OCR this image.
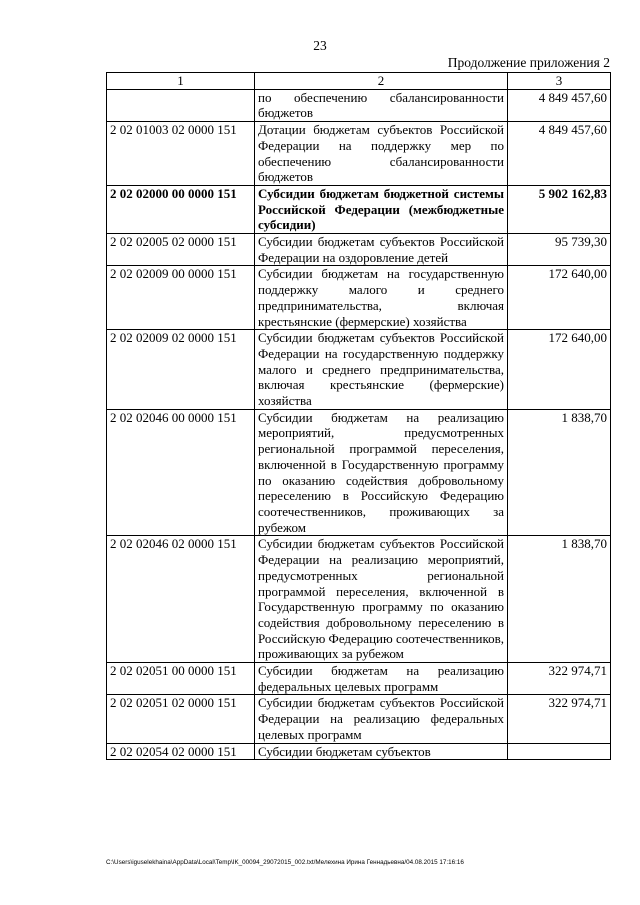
23
Продолжение приложения 2
1	2	3
	по обеспечению сбалансированности бюджетов	4 849 457,60
2 02 01003 02 0000 151	Дотации бюджетам субъектов Российской Федерации на поддержку мер по обеспечению сбалансированности бюджетов	4 849 457,60
2 02 02000 00 0000 151	Субсидии бюджетам бюджетной системы Российской Федерации (межбюджетные субсидии)	5 902 162,83
2 02 02005 02 0000 151	Субсидии бюджетам субъектов Российской Федерации на оздоровление детей	95 739,30
2 02 02009 00 0000 151	Субсидии бюджетам на государственную поддержку малого и среднего предпринимательства, включая крестьянские (фермерские) хозяйства	172 640,00
2 02 02009 02 0000 151	Субсидии бюджетам субъектов Российской Федерации на государственную поддержку малого и среднего предпринимательства, включая крестьянские (фермерские) хозяйства	172 640,00
2 02 02046 00 0000 151	Субсидии бюджетам на реализацию мероприятий, предусмотренных региональной программой переселения, включенной в Государственную программу по оказанию содействия добровольному переселению в Российскую Федерацию соотечественников, проживающих за рубежом	1 838,70
2 02 02046 02 0000 151	Субсидии бюджетам субъектов Российской Федерации на реализацию мероприятий, предусмотренных региональной программой переселения, включенной в Государственную программу по оказанию содействия добровольному переселению в Российскую Федерацию соотечественников, проживающих за рубежом	1 838,70
2 02 02051 00 0000 151	Субсидии бюджетам на реализацию федеральных целевых программ	322 974,71
2 02 02051 02 0000 151	Субсидии бюджетам субъектов Российской Федерации на реализацию федеральных целевых программ	322 974,71
2 02 02054 02 0000 151	Субсидии бюджетам субъектов	
C:\Users\iguselekhaina\AppData\Local\Temp\IK_00094_29072015_002.txt/Мелехина Ирина Геннадьевна/04.08.2015 17:16:16
